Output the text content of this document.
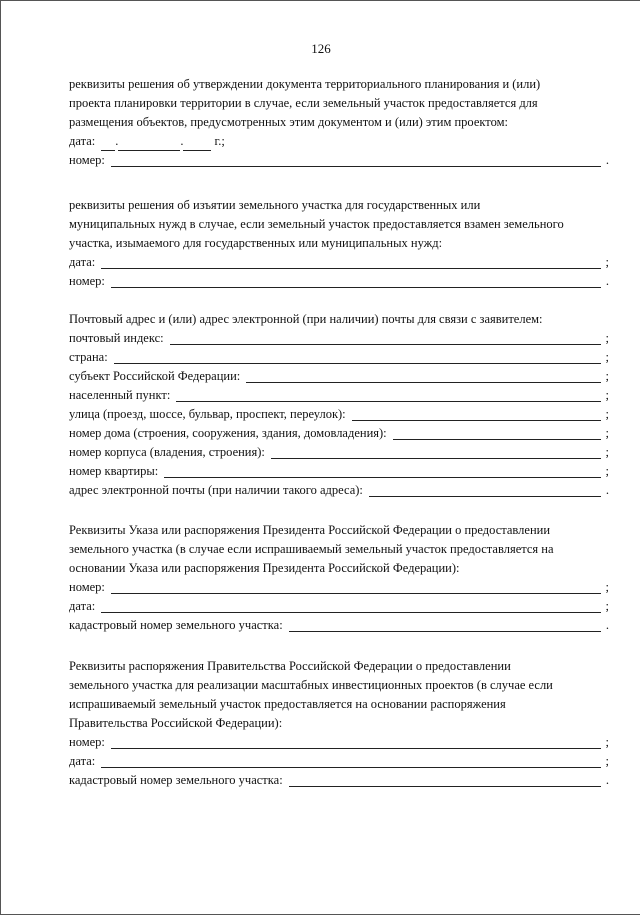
126

реквизиты решения об утверждении документа территориального планирования и (или)

проекта планировки территории в случае, если земельный участок предоставляется для

размещения объектов, предусмотренных этим документом и (или) этим проектом:

дата: .	. г.;
номер:	.

реквизиты решения об изъятии земельного участка для государственных или

муниципальных нужд в случае, если земельный участок предоставляется взамен земельного

участка, изымаемого для государственных или муниципальных нужд:

дата:	;
номер:	.

Почтовый адрес и (или) адрес электронной (при наличии) почты для связи с заявителем:

почтовый индекс:	;
страна:	;
субъект Российской Федерации:	;
населенный пункт:	;
улица (проезд, шоссе, бульвар, проспект, переулок):	;
номер дома (строения, сооружения, здания, домовладения):	;
номер корпуса (владения, строения):	;
номер квартиры:	;
адрес электронной почты (при наличии такого адреса):	.

Реквизиты Указа или распоряжения Президента Российской Федерации о предоставлении

земельного участка (в случае если испрашиваемый земельный участок предоставляется на

основании Указа или распоряжения Президента Российской Федерации):

номер:	;
дата:	;
кадастровый номер земельного участка:	.

Реквизиты распоряжения Правительства Российской Федерации о предоставлении

земельного участка для реализации масштабных инвестиционных проектов (в случае если

испрашиваемый земельный участок предоставляется на основании распоряжения

Правительства Российской Федерации):

номер:	;
дата:	;
кадастровый номер земельного участка:	.
